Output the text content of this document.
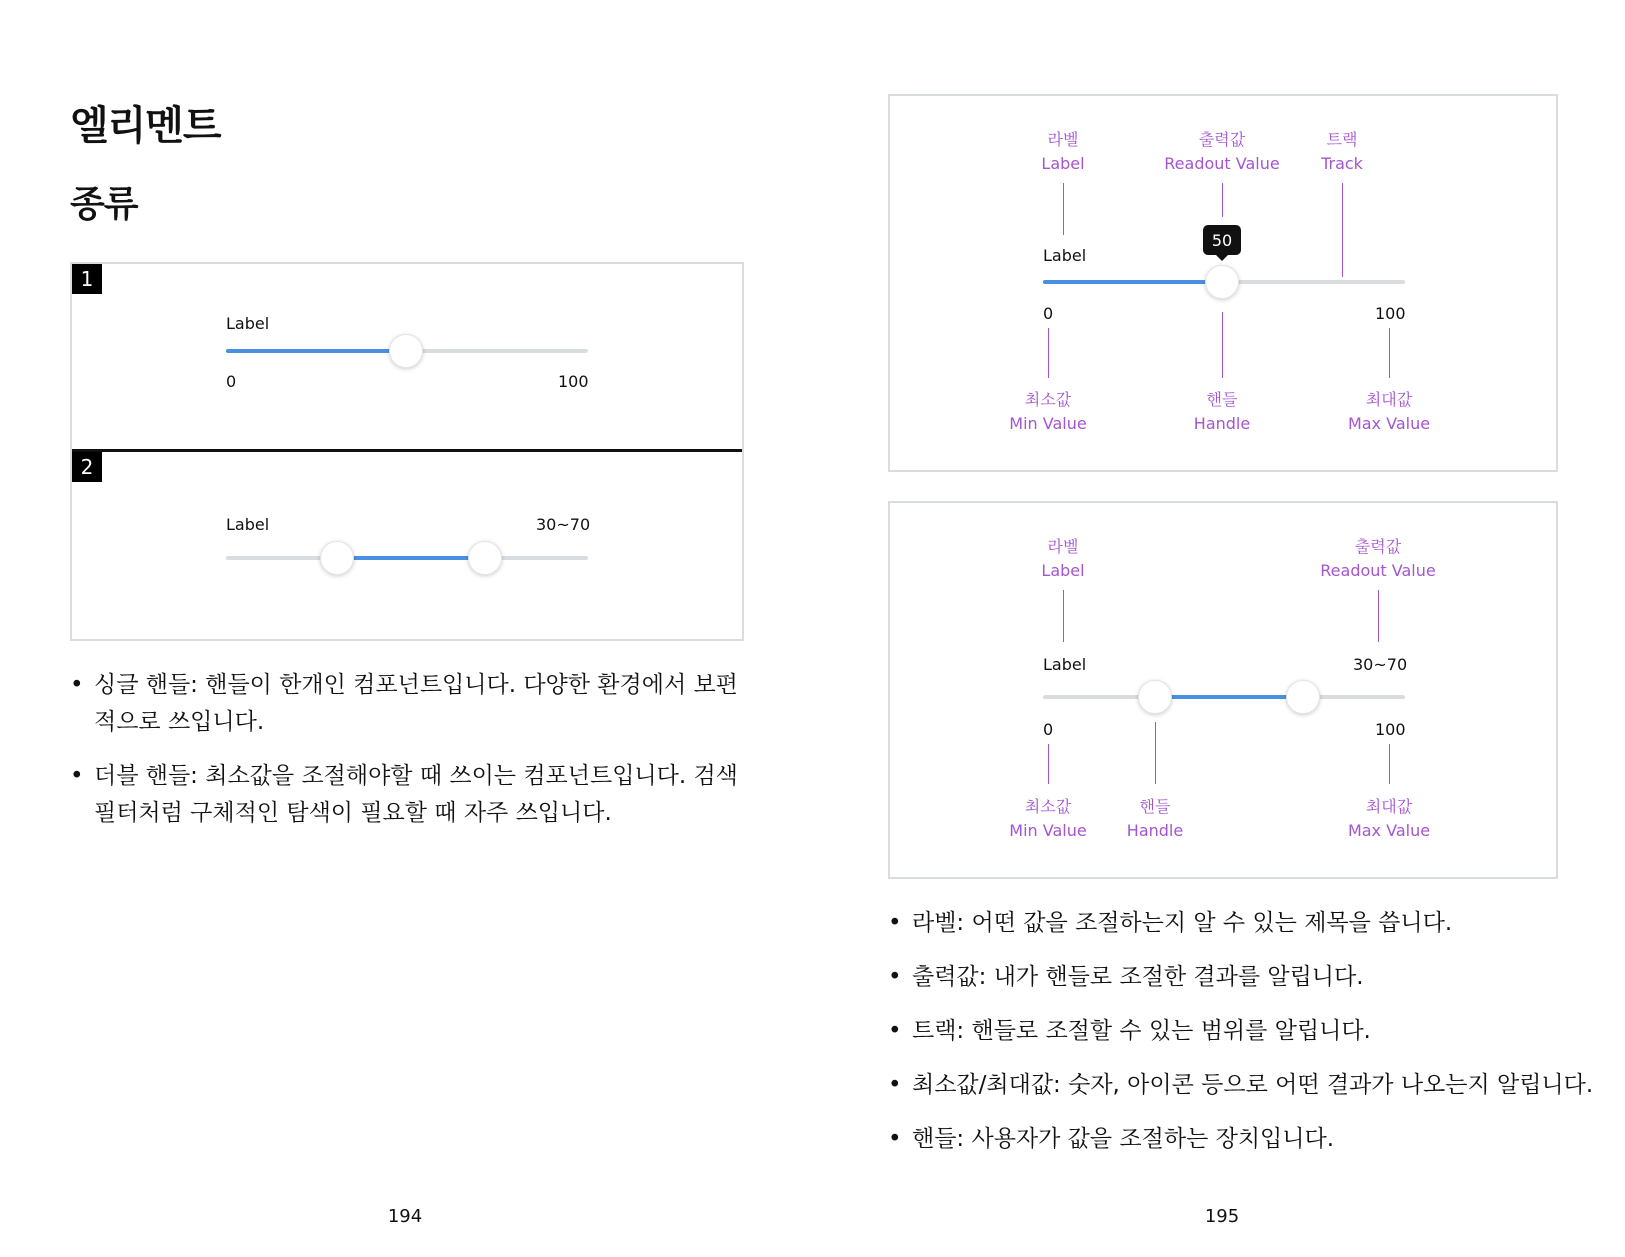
엘리멘트
종류
1
Label
0	100
2
Label	30~70
• 싱글 핸들: 핸들이 한개인 컴포넌트입니다. 다양한 환경에서 보편적으로 쓰입니다.
• 더블 핸들: 최소값을 조절해야할 때 쓰이는 컴포넌트입니다. 검색 필터처럼 구체적인 탐색이 필요할 때 자주 쓰입니다.
194
라벨
Label
출력값
Readout Value
트랙
Track
Label
50
0	100
최소값
Min Value
핸들
Handle
최대값
Max Value
라벨
Label
출력값
Readout Value
Label	30~70
0	100
최소값
Min Value
핸들
Handle
최대값
Max Value
• 라벨: 어떤 값을 조절하는지 알 수 있는 제목을 씁니다.
• 출력값: 내가 핸들로 조절한 결과를 알립니다.
• 트랙: 핸들로 조절할 수 있는 범위를 알립니다.
• 최소값/최대값: 숫자, 아이콘 등으로 어떤 결과가 나오는지 알립니다.
• 핸들: 사용자가 값을 조절하는 장치입니다.
195
